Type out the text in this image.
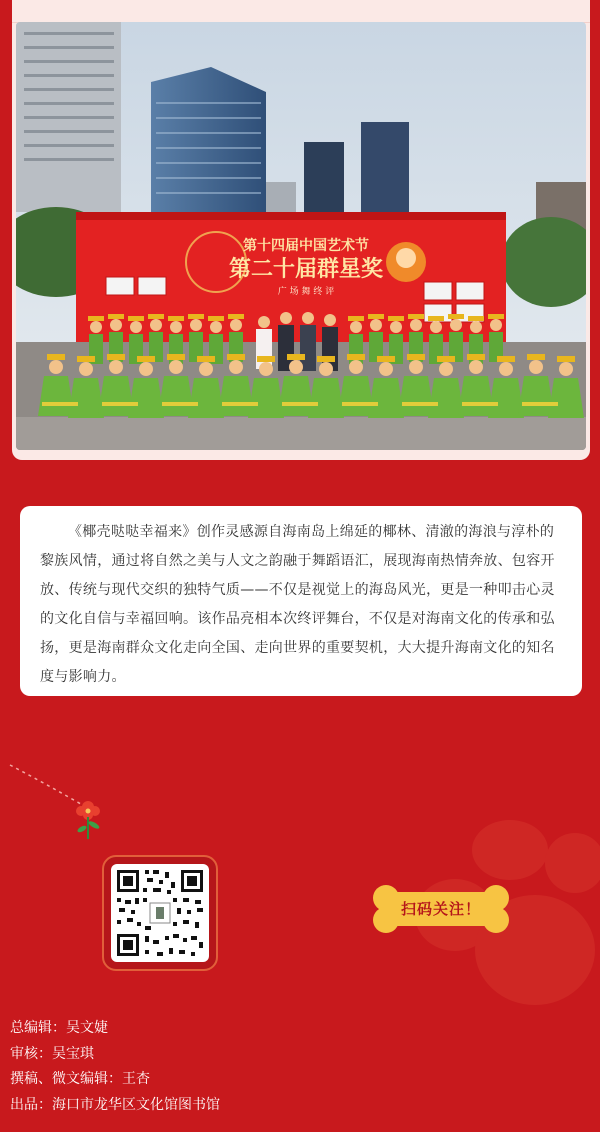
第十四届中国艺术节
第二十届群星奖
广 场 舞 终 评

《椰壳哒哒幸福来》创作灵感源自海南岛上绵延的椰林、清澈的海浪与淳朴的黎族风情，通过将自然之美与人文之韵融于舞蹈语汇，展现海南热情奔放、包容开放、传统与现代交织的独特气质——不仅是视觉上的海岛风光，更是一种叩击心灵的文化自信与幸福回响。该作品亮相本次终评舞台，不仅是对海南文化的传承和弘扬，更是海南群众文化走向全国、走向世界的重要契机，大大提升海南文化的知名度与影响力。

扫码关注！
总编辑：吴文婕
审核：吴宝琪
撰稿、微文编辑：王杏
出品：海口市龙华区文化馆图书馆
